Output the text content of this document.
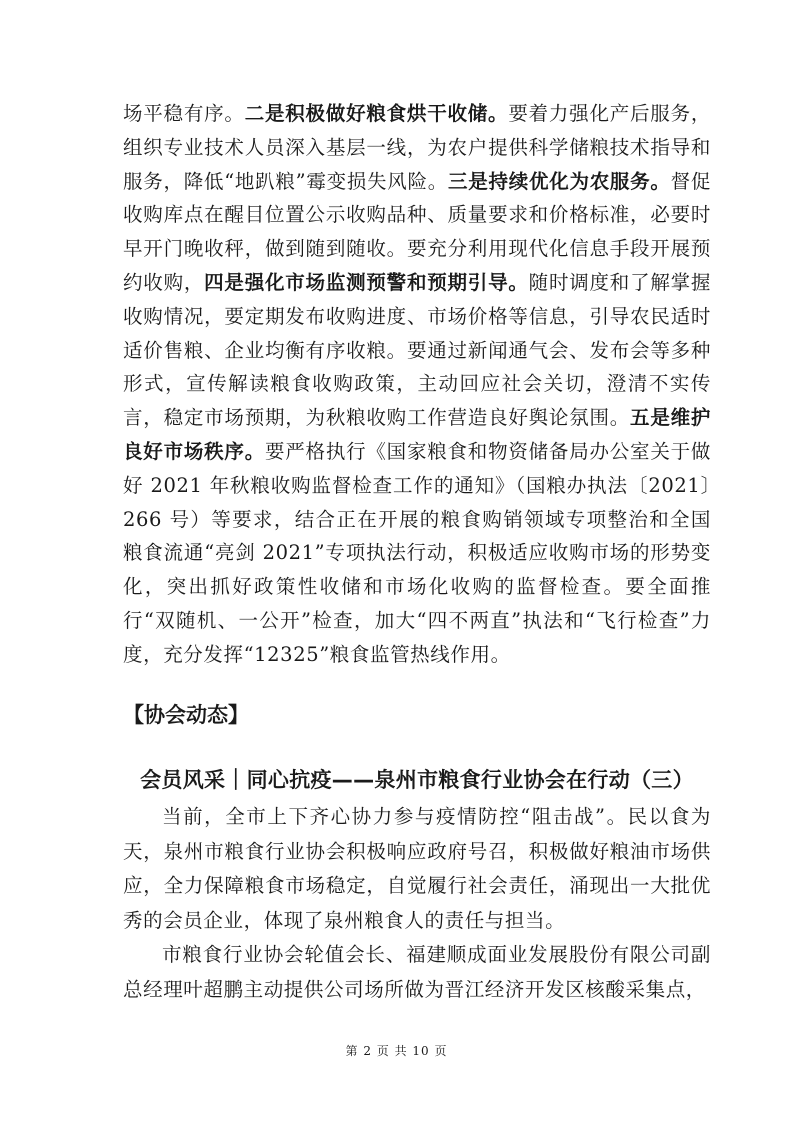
场平稳有序。二是积极做好粮食烘干收储。要着力强化产后服务，组织专业技术人员深入基层一线，为农户提供科学储粮技术指导和服务，降低“地趴粮”霉变损失风险。三是持续优化为农服务。督促收购库点在醒目位置公示收购品种、质量要求和价格标准，必要时早开门晚收秤，做到随到随收。要充分利用现代化信息手段开展预约收购，四是强化市场监测预警和预期引导。随时调度和了解掌握收购情况，要定期发布收购进度、市场价格等信息，引导农民适时适价售粮、企业均衡有序收粮。要通过新闻通气会、发布会等多种形式，宣传解读粮食收购政策，主动回应社会关切，澄清不实传言，稳定市场预期，为秋粮收购工作营造良好舆论氛围。五是维护良好市场秩序。要严格执行《国家粮食和物资储备局办公室关于做好 2021 年秋粮收购监督检查工作的通知》（国粮办执法〔2021〕266 号）等要求，结合正在开展的粮食购销领域专项整治和全国粮食流通“亮剑 2021”专项执法行动，积极适应收购市场的形势变化，突出抓好政策性收储和市场化收购的监督检查。要全面推行“双随机、一公开”检查，加大“四不两直”执法和“飞行检查”力度，充分发挥“12325”粮食监管热线作用。

【协会动态】
会员风采｜同心抗疫——泉州市粮食行业协会在行动（三）

当前，全市上下齐心协力参与疫情防控“阻击战”。民以食为天，泉州市粮食行业协会积极响应政府号召，积极做好粮油市场供应，全力保障粮食市场稳定，自觉履行社会责任，涌现出一大批优秀的会员企业，体现了泉州粮食人的责任与担当。

市粮食行业协会轮值会长、福建顺成面业发展股份有限公司副总经理叶超鹏主动提供公司场所做为晋江经济开发区核酸采集点，

第 2 页 共 10 页
